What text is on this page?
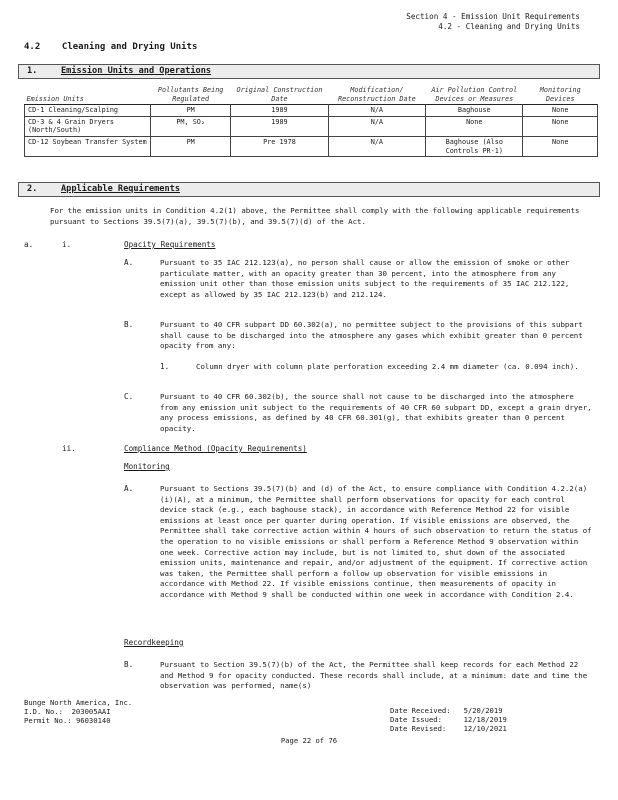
Section 4 - Emission Unit Requirements
4.2 - Cleaning and Drying Units
4.2    Cleaning and Drying Units
1.	Emission Units and Operations
Emission Units	Pollutants Being Regulated	Original Construction Date	Modification/ Reconstruction Date	Air Pollution Control Devices or Measures	Monitoring Devices
CD-1 Cleaning/Scalping	PM	1989	N/A	Baghouse	None
CD-3 & 4 Grain Dryers (North/South)	PM, SO₂	1989	N/A	None	None
CD-12 Soybean Transfer System	PM	Pre 1978	N/A	Baghouse (Also Controls PR-1)	None
2.	Applicable Requirements
For the emission units in Condition 4.2(1) above, the Permittee shall comply with the following applicable requirements pursuant to Sections 39.5(7)(a), 39.5(7)(b), and 39.5(7)(d) of the Act.
a.	i.	Opacity Requirements
A.	Pursuant to 35 IAC 212.123(a), no person shall cause or allow the emission of smoke or other particulate matter, with an opacity greater than 30 percent, into the atmosphere from any emission unit other than those emission units subject to the requirements of 35 IAC 212.122, except as allowed by 35 IAC 212.123(b) and 212.124.
B.	Pursuant to 40 CFR subpart DD 60.302(a), no permittee subject to the provisions of this subpart shall cause to be discharged into the atmosphere any gases which exhibit greater than 0 percent opacity from any:
1.	Column dryer with column plate perforation exceeding 2.4 mm diameter (ca. 0.094 inch).
C.	Pursuant to 40 CFR 60.302(b), the source shall not cause to be discharged into the atmosphere from any emission unit subject to the requirements of 40 CFR 60 subpart DD, except a grain dryer, any process emissions, as defined by 40 CFR 60.301(g), that exhibits greater than 0 percent opacity.
ii.	Compliance Method (Opacity Requirements)
Monitoring
A.	Pursuant to Sections 39.5(7)(b) and (d) of the Act, to ensure compliance with Condition 4.2.2(a)(i)(A), at a minimum, the Permittee shall perform observations for opacity for each control device stack (e.g., each baghouse stack), in accordance with Reference Method 22 for visible emissions at least once per quarter during operation. If visible emissions are observed, the Permittee shall take corrective action within 4 hours of such observation to return the status of the operation to no visible emissions or shall perform a Reference Method 9 observation within one week. Corrective action may include, but is not limited to, shut down of the associated emission units, maintenance and repair, and/or adjustment of the equipment. If corrective action was taken, the Permittee shall perform a follow up observation for visible emissions in accordance with Method 22. If visible emissions continue, then measurements of opacity in accordance with Method 9 shall be conducted within one week in accordance with Condition 2.4.
Recordkeeping
B.	Pursuant to Section 39.5(7)(b) of the Act, the Permittee shall keep records for each Method 22 and Method 9 for opacity conducted. These records shall include, at a minimum: date and time the observation was performed, name(s)
Bunge North America, Inc.
I.D. No.: 203005AAI
Permit No.: 96030140
Date Received: 5/20/2019
Date Issued:	12/18/2019
Date Revised: 12/10/2021
Page 22 of 76
